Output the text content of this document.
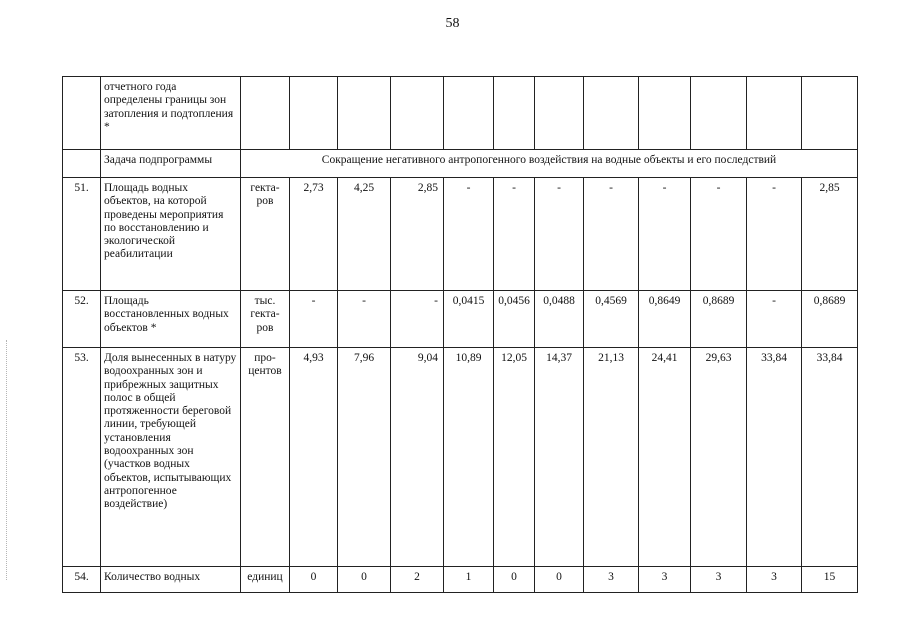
58
	отчетного года определены границы зон затопления и подтопления *												
	Задача подпрограммы	Сокращение негативного антропогенного воздействия на водные объекты и его последствий											
51.	Площадь водных объектов, на которой проведены мероприятия по восстановлению и экологической реабилитации	гекта- ров	2,73	4,25	2,85	-	-	-	-	-	-	-	2,85
52.	Площадь восстановленных водных объектов *	тыс. гекта- ров	-	-	-	0,0415	0,0456	0,0488	0,4569	0,8649	0,8689	-	0,8689
53.	Доля вынесенных в натуру водоохранных зон и прибрежных защитных полос в общей протяженности береговой линии, требующей установления водоохранных зон (участков водных объектов, испытывающих антропогенное воздействие)	про- центов	4,93	7,96	9,04	10,89	12,05	14,37	21,13	24,41	29,63	33,84	33,84
54.	Количество водных	единиц	0	0	2	1	0	0	3	3	3	3	15
